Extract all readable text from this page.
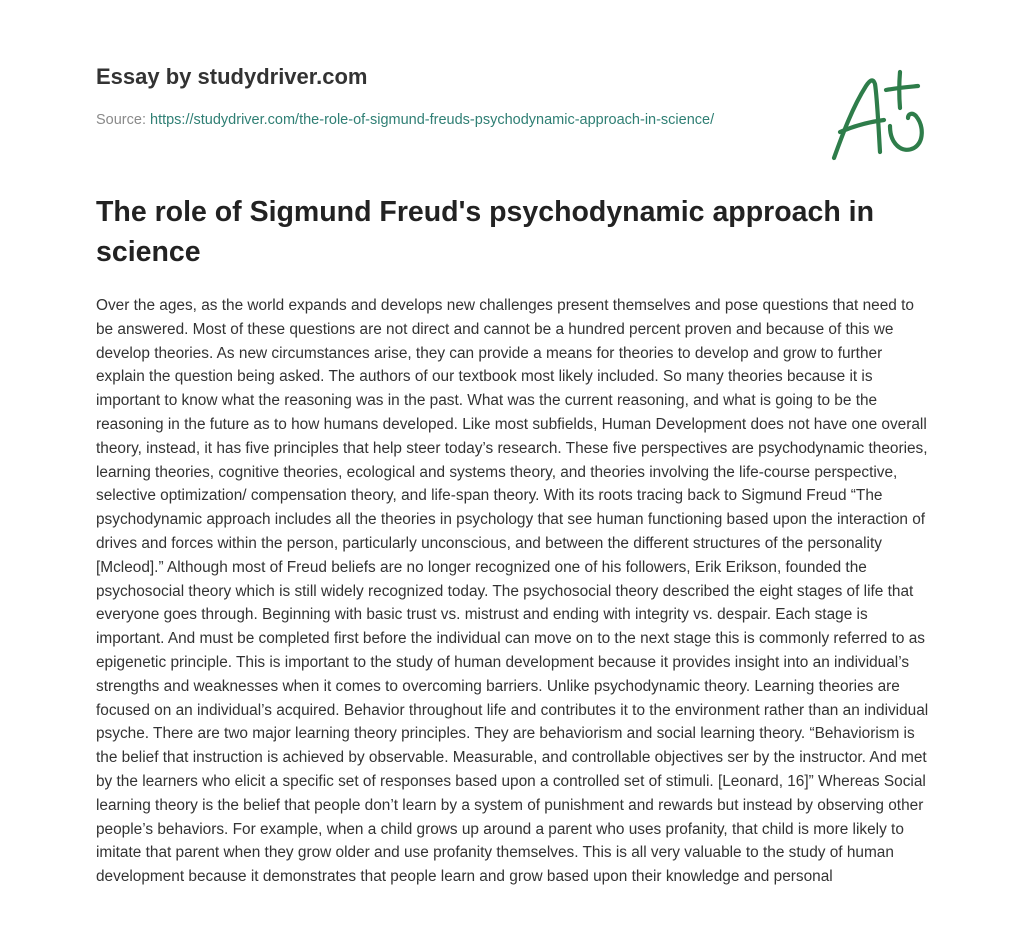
Essay by studydriver.com
Source: https://studydriver.com/the-role-of-sigmund-freuds-psychodynamic-approach-in-science/
The role of Sigmund Freud's psychodynamic approach in science

Over the ages, as the world expands and develops new challenges present themselves and pose questions that need to be answered. Most of these questions are not direct and cannot be a hundred percent proven and because of this we develop theories. As new circumstances arise, they can provide a means for theories to develop and grow to further explain the question being asked. The authors of our textbook most likely included. So many theories because it is important to know what the reasoning was in the past. What was the current reasoning, and what is going to be the reasoning in the future as to how humans developed. Like most subfields, Human Development does not have one overall theory, instead, it has five principles that help steer today’s research. These five perspectives are psychodynamic theories, learning theories, cognitive theories, ecological and systems theory, and theories involving the life-course perspective, selective optimization/ compensation theory, and life-span theory. With its roots tracing back to Sigmund Freud “The psychodynamic approach includes all the theories in psychology that see human functioning based upon the interaction of drives and forces within the person, particularly unconscious, and between the different structures of the personality [Mcleod].” Although most of Freud beliefs are no longer recognized one of his followers, Erik Erikson, founded the psychosocial theory which is still widely recognized today. The psychosocial theory described the eight stages of life that everyone goes through. Beginning with basic trust vs. mistrust and ending with integrity vs. despair. Each stage is important. And must be completed first before the individual can move on to the next stage this is commonly referred to as epigenetic principle. This is important to the study of human development because it provides insight into an individual’s strengths and weaknesses when it comes to overcoming barriers. Unlike psychodynamic theory. Learning theories are focused on an individual’s acquired. Behavior throughout life and contributes it to the environment rather than an individual psyche. There are two major learning theory principles. They are behaviorism and social learning theory. “Behaviorism is the belief that instruction is achieved by observable. Measurable, and controllable objectives ser by the instructor. And met by the learners who elicit a specific set of responses based upon a controlled set of stimuli. [Leonard, 16]” Whereas Social learning theory is the belief that people don’t learn by a system of punishment and rewards but instead by observing other people’s behaviors. For example, when a child grows up around a parent who uses profanity, that child is more likely to imitate that parent when they grow older and use profanity themselves. This is all very valuable to the study of human development because it demonstrates that people learn and grow based upon their knowledge and personal
